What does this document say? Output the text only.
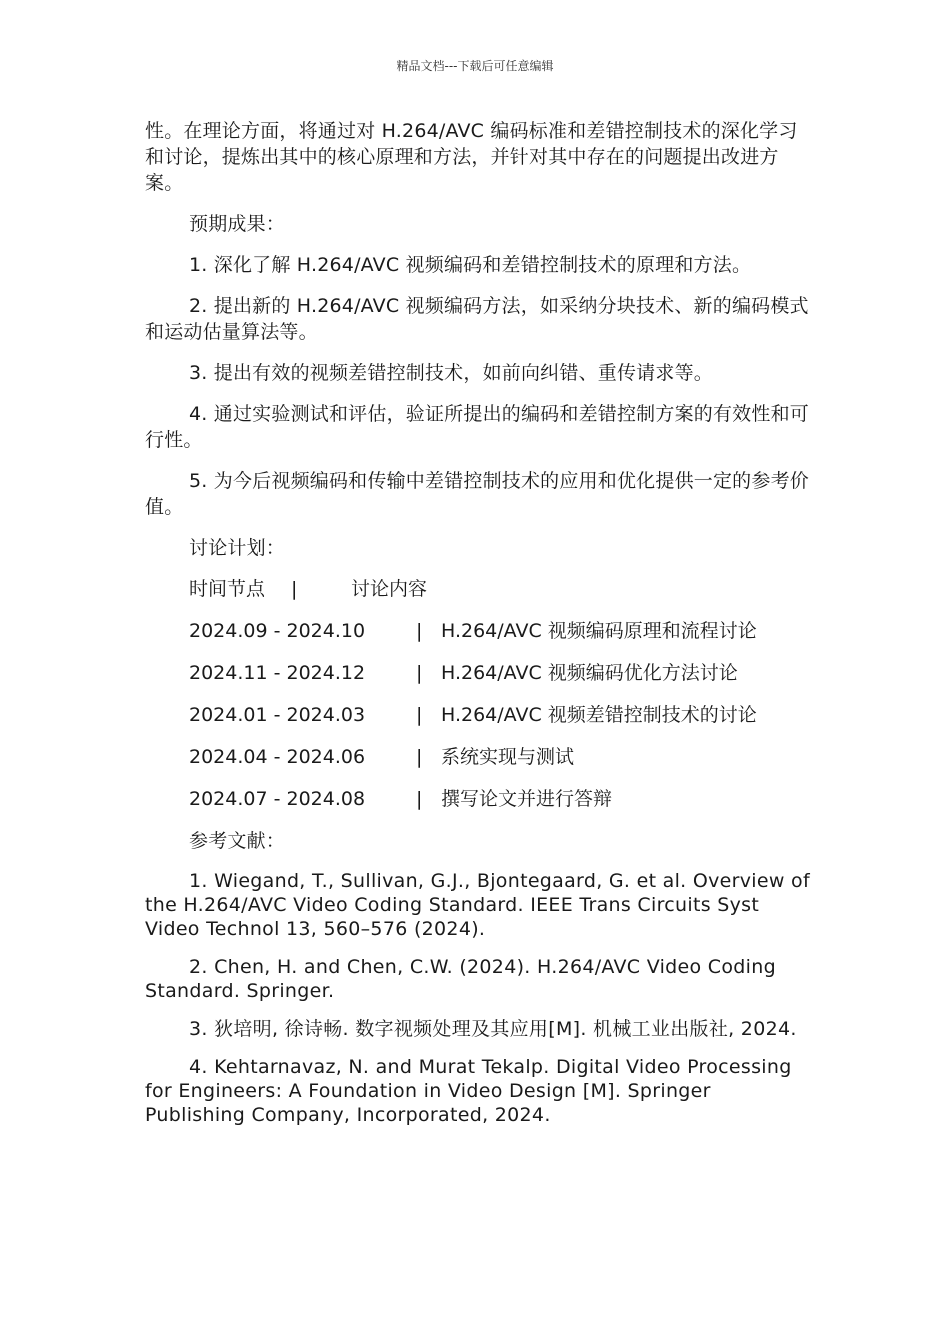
精品文档---下载后可任意编辑

性。在理论方面，将通过对 H.264/AVC 编码标准和差错控制技术的深化学习和讨论，提炼出其中的核心原理和方法，并针对其中存在的问题提出改进方案。

预期成果：

1. 深化了解 H.264/AVC 视频编码和差错控制技术的原理和方法。

2. 提出新的 H.264/AVC 视频编码方法，如采纳分块技术、新的编码模式和运动估量算法等。

3. 提出有效的视频差错控制技术，如前向纠错、重传请求等。

4. 通过实验测试和评估，验证所提出的编码和差错控制方案的有效性和可行性。

5. 为今后视频编码和传输中差错控制技术的应用和优化提供一定的参考价值。

讨论计划：

时间节点 |	讨论内容
2024.09 - 2024.10	| H.264/AVC 视频编码原理和流程讨论
2024.11 - 2024.12	| H.264/AVC 视频编码优化方法讨论
2024.01 - 2024.03	| H.264/AVC 视频差错控制技术的讨论
2024.04 - 2024.06	| 系统实现与测试
2024.07 - 2024.08	| 撰写论文并进行答辩

参考文献：

1. Wiegand, T., Sullivan, G.J., Bjontegaard, G. et al. Overview of the H.264/AVC Video Coding Standard. IEEE Trans Circuits Syst Video Technol 13, 560–576 (2024).

2. Chen, H. and Chen, C.W. (2024). H.264/AVC Video Coding Standard. Springer.

3. 狄培明, 徐诗畅. 数字视频处理及其应用[M]. 机械工业出版社, 2024.

4. Kehtarnavaz, N. and Murat Tekalp. Digital Video Processing for Engineers: A Foundation in Video Design [M]. Springer Publishing Company, Incorporated, 2024.
